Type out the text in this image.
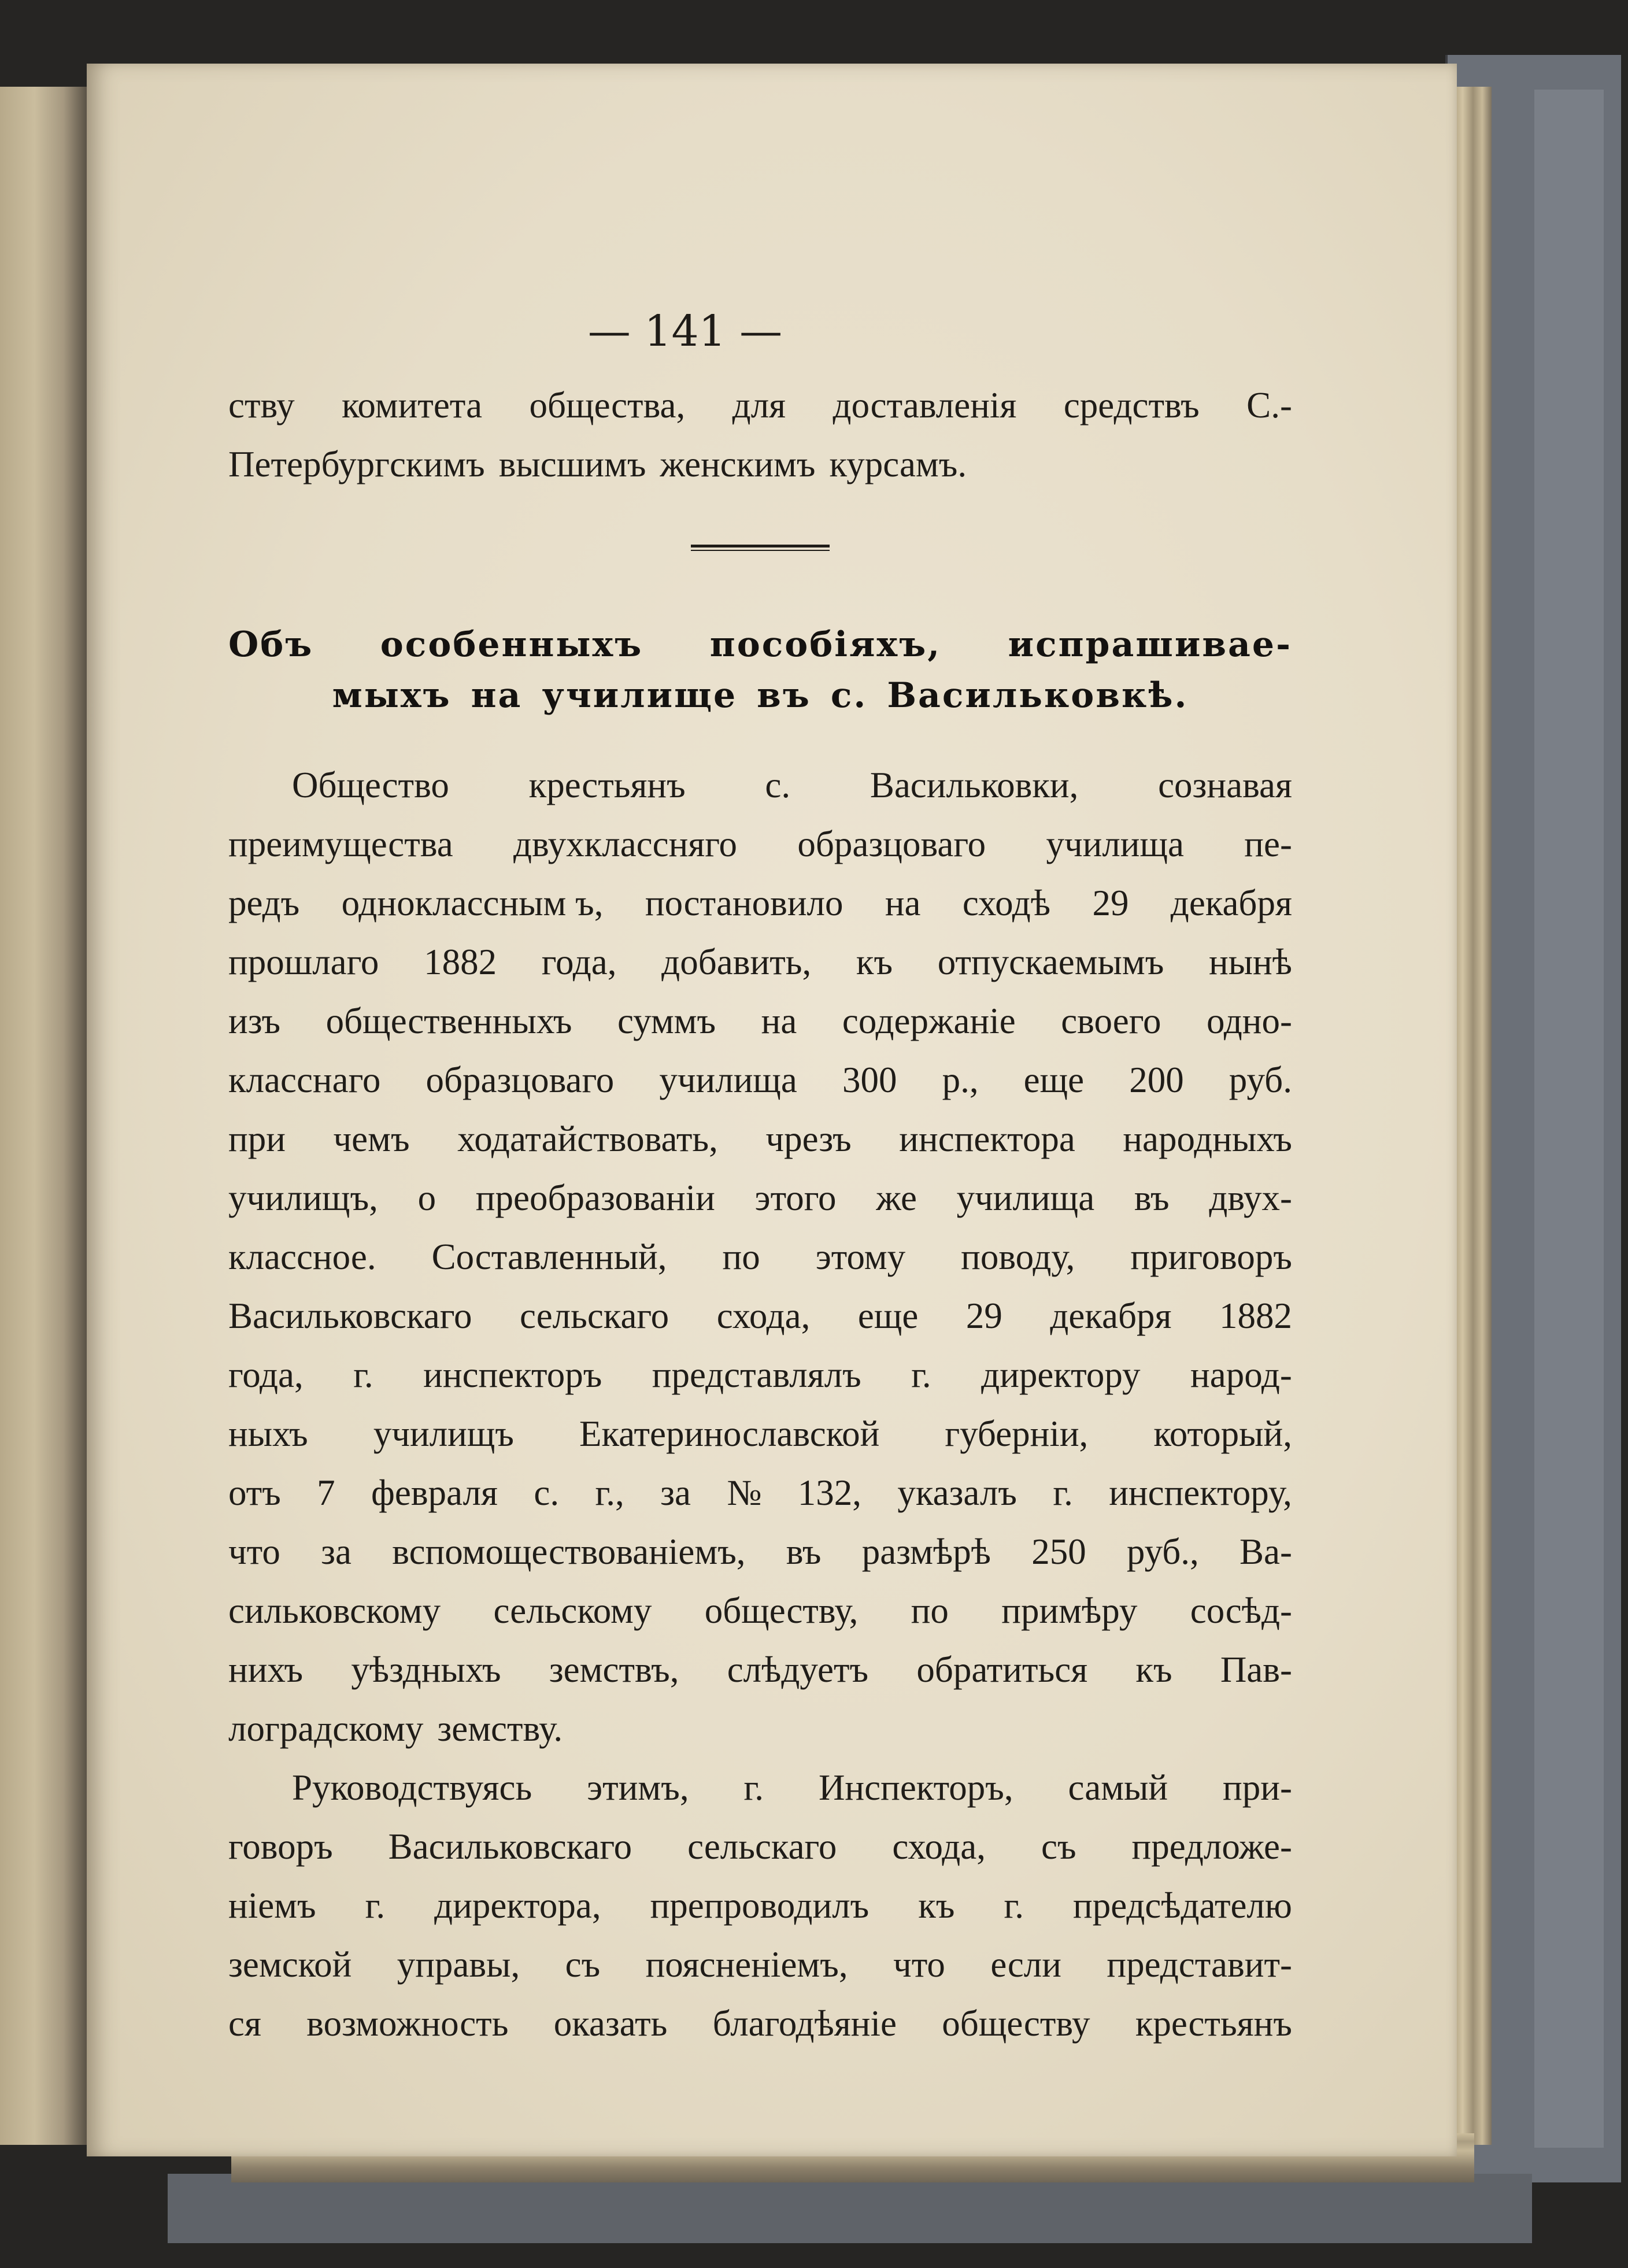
— 141 —
ству комитета общества, для доставленія средствъ С.-
Петербургскимъ высшимъ женскимъ курсамъ.
Объ особенныхъ пособіяхъ, испрашивае-
мыхъ на училище въ с. Васильковкѣ.
Общество крестьянъ с. Васильковки, сознавая
преимущества двухклассняго образцоваго училища пе-
редъ одноклассным ъ, постановило на сходѣ 29 декабря
прошлаго 1882 года, добавить, къ отпускаемымъ нынѣ
изъ общественныхъ суммъ на содержаніе своего одно-
класснаго образцоваго училища 300 р., еще 200 руб.
при чемъ ходатайствовать, чрезъ инспектора народныхъ
училищъ, о преобразованіи этого же училища въ двух-
классное. Составленный, по этому поводу, приговоръ
Васильковскаго сельскаго схода, еще 29 декабря 1882
года, г. инспекторъ представлялъ г. директору народ-
ныхъ училищъ Екатеринославской губерніи, который,
отъ 7 февраля с. г., за № 132, указалъ г. инспектору,
что за вспомоществованіемъ, въ размѣрѣ 250 руб., Ва-
сильковскому сельскому обществу, по примѣру сосѣд-
нихъ уѣздныхъ земствъ, слѣдуетъ обратиться къ Пав-
лоградскому земству.
Руководствуясь этимъ, г. Инспекторъ, самый при-
говоръ Васильковскаго сельскаго схода, съ предложе-
ніемъ г. директора, препроводилъ къ г. предсѣдателю
земской управы, съ поясненіемъ, что если представит-
ся возможность оказать благодѣяніе обществу крестьянъ
